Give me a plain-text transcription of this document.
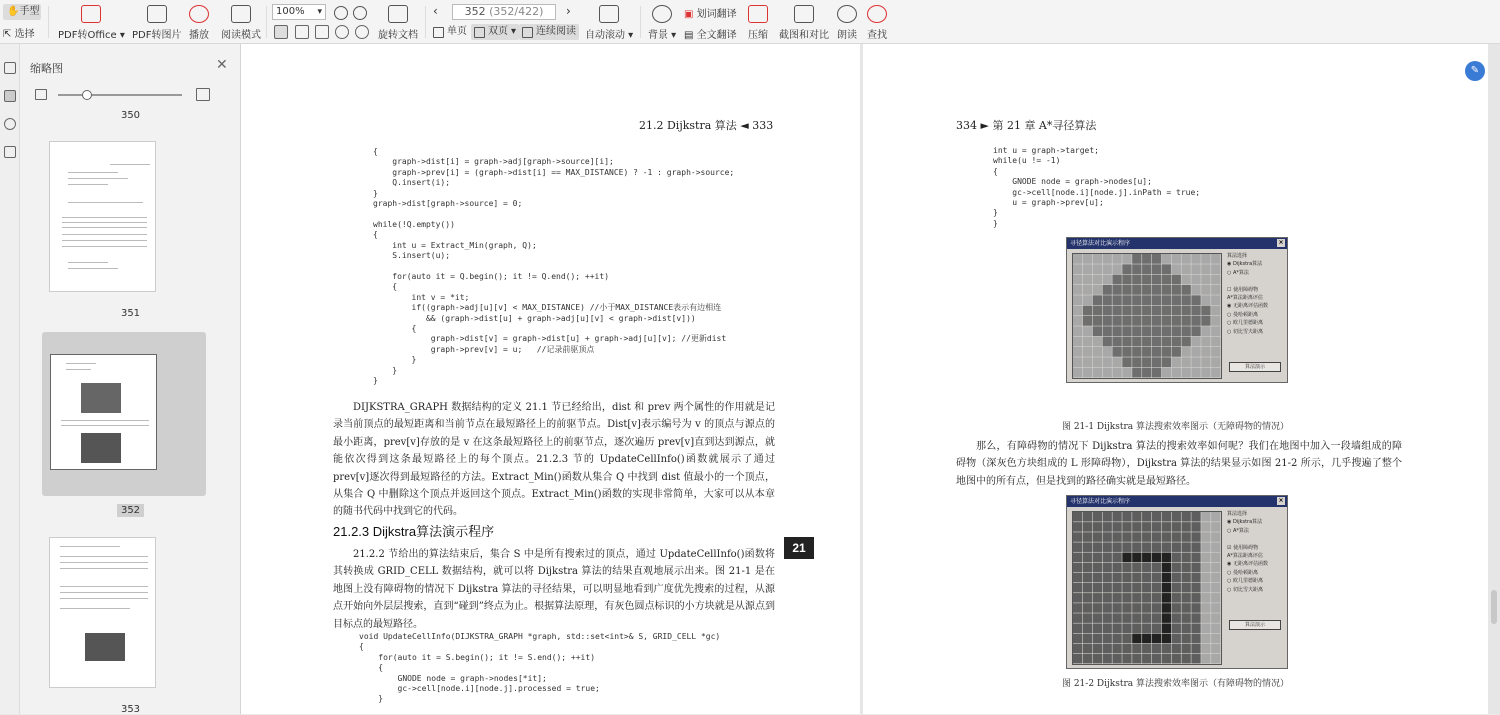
✋手型
⇱ 选择 PDF转Office ▾ PDF转图片 播放 阅读模式
100% ▾
旋转文档
‹	352 (352/422)	›
单页 双页 ▾	连续阅读 自动滚动 ▾ 背景 ▾
▣ 划词翻译
▤ 全文翻译 压缩 截图和对比 朗读 查找
缩略图	✕
350
351
352
353
21.2 Dijkstra 算法 ◄ 333
{
graph->dist[i] = graph->adj[graph->source][i];
graph->prev[i] = (graph->dist[i] == MAX_DISTANCE) ? -1 : graph->source;
Q.insert(i);
}
graph->dist[graph->source] = 0;

while(!Q.empty())
{
int u = Extract_Min(graph, Q);
S.insert(u);

for(auto it = Q.begin(); it != Q.end(); ++it)
{
int v = *it;
if((graph->adj[u][v] < MAX_DISTANCE) //小于MAX_DISTANCE表示有边相连
&& (graph->dist[u] + graph->adj[u][v] < graph->dist[v]))
{
graph->dist[v] = graph->dist[u] + graph->adj[u][v]; //更新dist
graph->prev[v] = u;   //记录前驱顶点
}
}
}
DIJKSTRA_GRAPH 数据结构的定义 21.1 节已经给出，dist 和 prev 两个属性的作用就是记录当前顶点的最短距离和当前节点在最短路径上的前驱节点。Dist[v]表示编号为 v 的顶点与源点的最小距离，prev[v]存放的是 v 在这条最短路径上的前驱节点，逐次遍历 prev[v]直到达到源点，就能依次得到这条最短路径上的每个顶点。21.2.3 节的 UpdateCellInfo()函数就展示了通过 prev[v]逐次得到最短路径的方法。Extract_Min()函数从集合 Q 中找到 dist 值最小的一个顶点，从集合 Q 中删除这个顶点并返回这个顶点。Extract_Min()函数的实现非常简单，大家可以从本章的随书代码中找到它的代码。
21.2.3 Dijkstra算法演示程序
21.2.2 节给出的算法结束后，集合 S 中是所有搜索过的顶点，通过 UpdateCellInfo()函数将其转换成 GRID_CELL 数据结构，就可以将 Dijkstra 算法的结果直观地展示出来。图 21-1 是在地图上没有障碍物的情况下 Dijkstra 算法的寻径结果，可以明显地看到广度优先搜索的过程，从源点开始向外层层搜索，直到“碰到”终点为止。根据算法原理，有灰色圆点标识的小方块就是从源点到目标点的最短路径。
void UpdateCellInfo(DIJKSTRA_GRAPH *graph, std::set<int>& S, GRID_CELL *gc)
{
for(auto it = S.begin(); it != S.end(); ++it)
{
GNODE node = graph->nodes[*it];
gc->cell[node.i][node.j].processed = true;
}
21
334 ► 第 21 章 A*寻径算法
int u = graph->target;
while(u != -1)
{
GNODE node = graph->nodes[u];
gc->cell[node.i][node.j].inPath = true;
u = graph->prev[u];
}
}
寻径算法对比演示程序	×
算法选择
◉ Dijkstra算法
○ A*算法

☐ 使用障碍物
A*算法距离评估
◉ 无距离评估函数
○ 曼哈顿距离
○ 欧几里德距离
○ 切比雪夫距离
算法演示
图 21-1 Dijkstra 算法搜索效率图示（无障碍物的情况）
那么，有障碍物的情况下 Dijkstra 算法的搜索效率如何呢？我们在地图中加入一段墙组成的障碍物（深灰色方块组成的 L 形障碍物），Dijkstra 算法的结果显示如图 21-2 所示，几乎搜遍了整个地图中的所有点，但是找到的路径确实就是最短路径。
寻径算法对比演示程序	×
算法选择
◉ Dijkstra算法
○ A*算法

☑ 使用障碍物
A*算法距离评估
◉ 无距离评估函数
○ 曼哈顿距离
○ 欧几里德距离
○ 切比雪夫距离
算法演示
图 21-2 Dijkstra 算法搜索效率图示（有障碍物的情况）
✎
